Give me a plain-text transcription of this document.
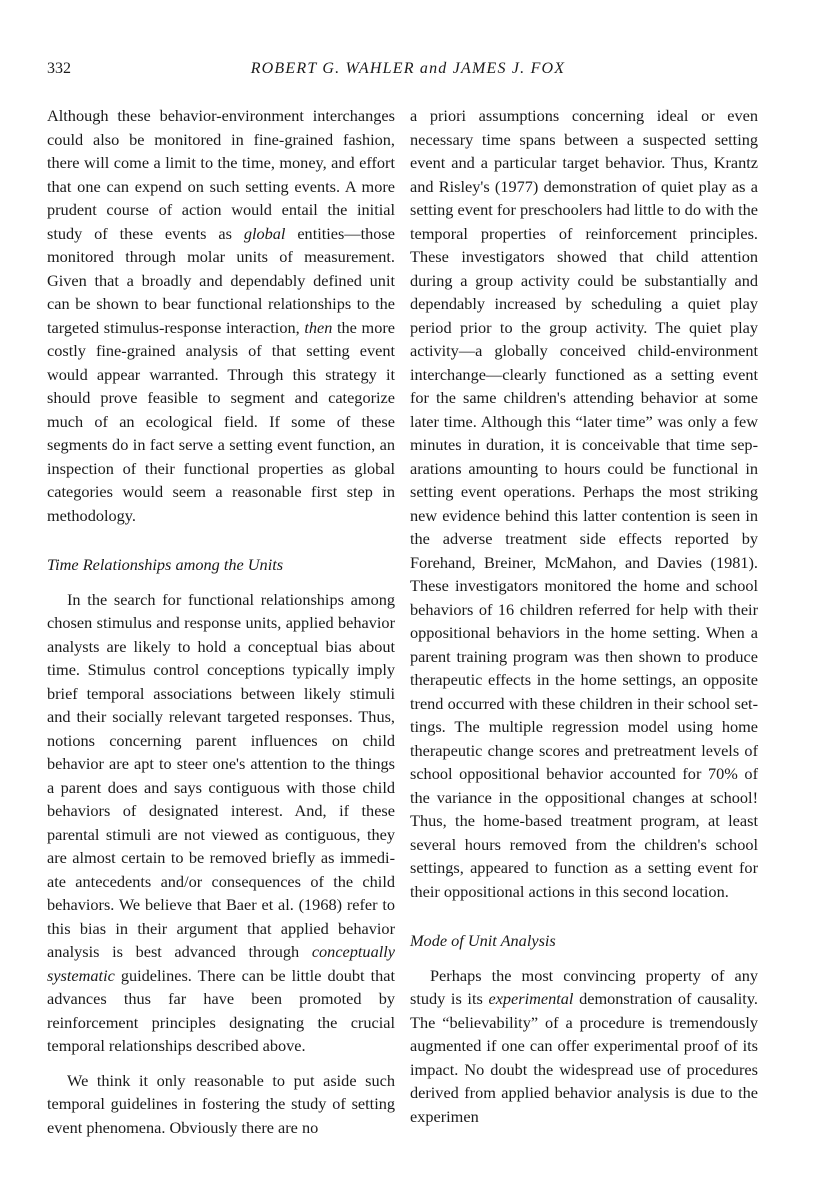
332	ROBERT G. WAHLER and JAMES J. FOX

Although these behavior-environment interchanges could also be monitored in fine-grained fashion, there will come a limit to the time, money, and effort that one can expend on such setting events. A more prudent course of action would entail the initial study of these events as global entities—those monitored through molar units of measurement. Given that a broadly and dependably defined unit can be shown to bear functional relationships to the targeted stimulus-response interaction, then the more costly fine-grained analysis of that setting event would appear warranted. Through this strategy it should prove feasible to segment and categorize much of an ecological field. If some of these segments do in fact serve a setting event function, an inspection of their functional properties as global categories would seem a reasonable first step in methodology.

Time Relationships among the Units

In the search for functional relationships among chosen stimulus and response units, applied behavior analysts are likely to hold a conceptual bias about time. Stimulus control conceptions typically imply brief temporal associations between likely stimuli and their socially relevant targeted responses. Thus, notions concerning parent influences on child behavior are apt to steer one's attention to the things a parent does and says contiguous with those child behaviors of designated interest. And, if these parental stimuli are not viewed as contiguous, they are almost certain to be removed briefly as immediate antecedents and/or consequences of the child behaviors. We believe that Baer et al. (1968) refer to this bias in their argument that applied behavior analysis is best advanced through conceptually systematic guidelines. There can be little doubt that advances thus far have been promoted by reinforcement principles designating the crucial temporal relationships described above.

We think it only reasonable to put aside such temporal guidelines in fostering the study of setting event phenomena. Obviously there are no

a priori assumptions concerning ideal or even necessary time spans between a suspected setting event and a particular target behavior. Thus, Krantz and Risley's (1977) demonstration of quiet play as a setting event for preschoolers had little to do with the temporal properties of reinforcement principles. These investigators showed that child attention during a group activity could be substantially and dependably increased by scheduling a quiet play period prior to the group activity. The quiet play activity—a globally conceived child-environment interchange—clearly functioned as a setting event for the same children's attending behavior at some later time. Although this “later time” was only a few minutes in duration, it is conceivable that time separations amounting to hours could be functional in setting event operations. Perhaps the most striking new evidence behind this latter contention is seen in the adverse treatment side effects reported by Forehand, Breiner, McMahon, and Davies (1981). These investigators monitored the home and school behaviors of 16 children referred for help with their oppositional behaviors in the home setting. When a parent training program was then shown to produce therapeutic effects in the home settings, an opposite trend occurred with these children in their school settings. The multiple regression model using home therapeutic change scores and pretreatment levels of school oppositional behavior accounted for 70% of the variance in the oppositional changes at school! Thus, the home-based treatment program, at least several hours removed from the children's school settings, appeared to function as a setting event for their oppositional actions in this second location.

Mode of Unit Analysis

Perhaps the most convincing property of any study is its experimental demonstration of causality. The “believability” of a procedure is tremendously augmented if one can offer experimental proof of its impact. No doubt the widespread use of procedures derived from applied behavior analysis is due to the experimen
